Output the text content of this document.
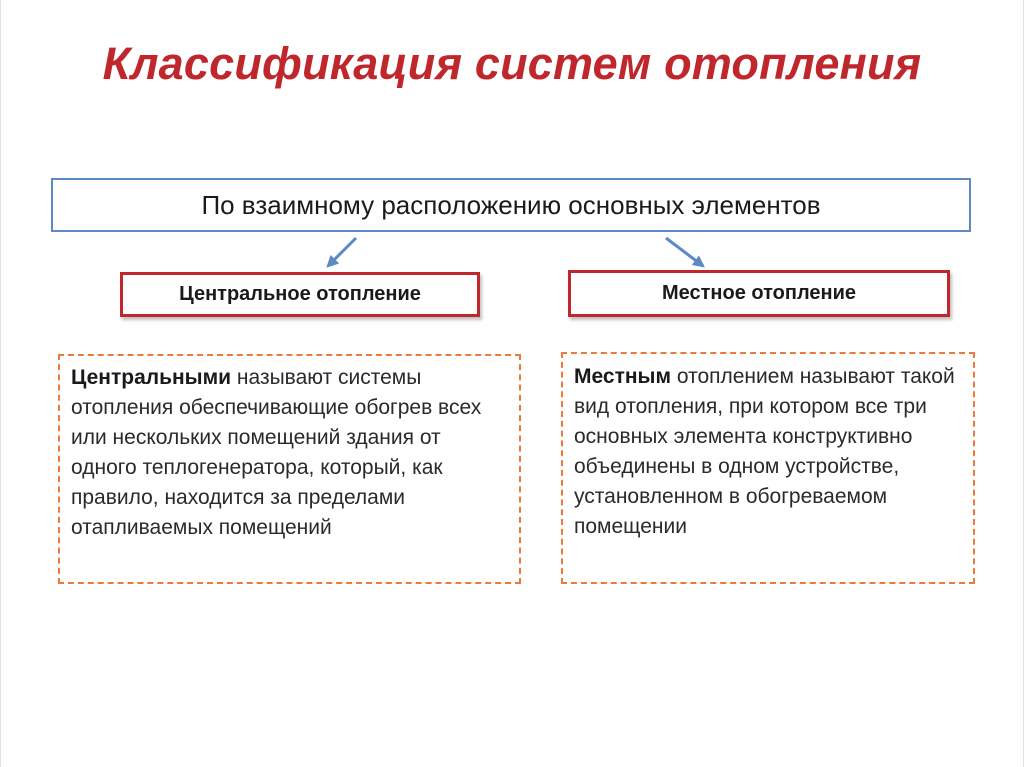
Классификация систем отопления
По взаимному расположению основных элементов
Центральное отопление	Местное отопление
Центральными называют системы отопления обеспечивающие обогрев всех или нескольких помещений здания от одного теплогенератора, который, как правило, находится за пределами отапливаемых помещений
Местным отоплением называют такой вид отопления, при котором все три основных элемента конструктивно объединены в одном устройстве, установленном в обогреваемом помещении
